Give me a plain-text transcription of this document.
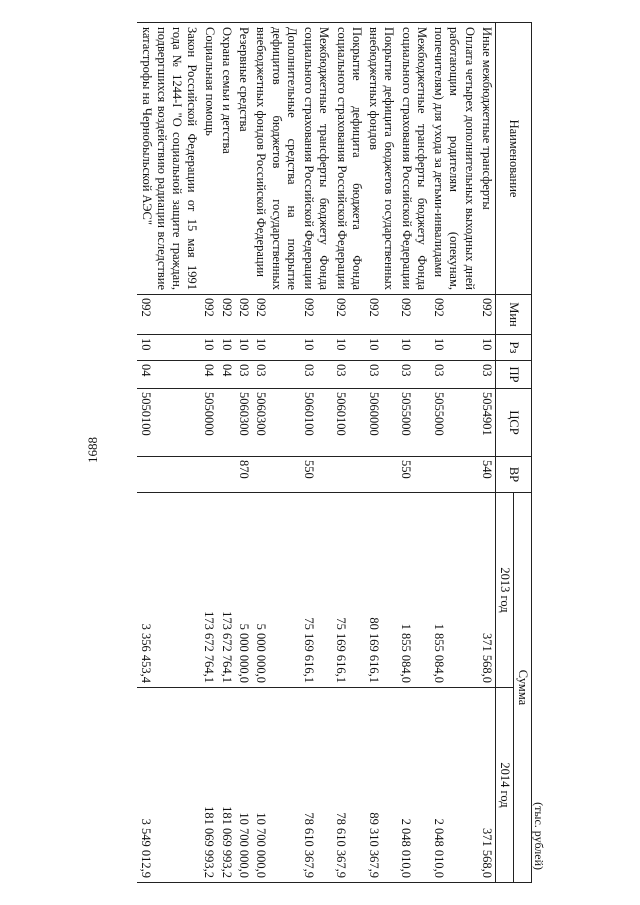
1688
(тыс. рублей)
Наименование	Мин	Рз	ПР	ЦСР	ВР	Сумма	
						2013 год	2014 год
Иные межбюджетные трансферты	092	10	03	5054901	540	371 568,0	371 568,0
Оплата четырех дополнительных выходных дней работающим родителям (опекунам, попечителям) для ухода за детьми-инвалидами	092	10	03	5055000		1 855 084,0	2 048 010,0
Межбюджетные трансферты бюджету Фонда социального страхования Российской Федерации	092	10	03	5055000	550	1 855 084,0	2 048 010,0
Покрытие дефицита бюджетов государственных внебюджетных фондов	092	10	03	5060000		80 169 616,1	89 310 367,9
Покрытие дефицита бюджета Фонда социального страхования Российской Федерации	092	10	03	5060100		75 169 616,1	78 610 367,9
Межбюджетные трансферты бюджету Фонда социального страхования Российской Федерации	092	10	03	5060100	550	75 169 616,1	78 610 367,9
Дополнительные средства на покрытие дефицитов бюджетов государственных внебюджетных фондов Российской Федерации	092	10	03	5060300		5 000 000,0	10 700 000,0
Резервные средства	092	10	03	5060300	870	5 000 000,0	10 700 000,0
Охрана семьи и детства	092	10	04			173 672 764,1	181 069 993,2
Социальная помощь	092	10	04	5050000		173 672 764,1	181 069 993,2
Закон Российской Федерации от 15 мая 1991 года № 1244-I "О социальной защите граждан, подвергшихся воздействию радиации вследствие катастрофы на Чернобыльской АЭС"	092	10	04	5050100		3 356 453,4	3 549 012,9
